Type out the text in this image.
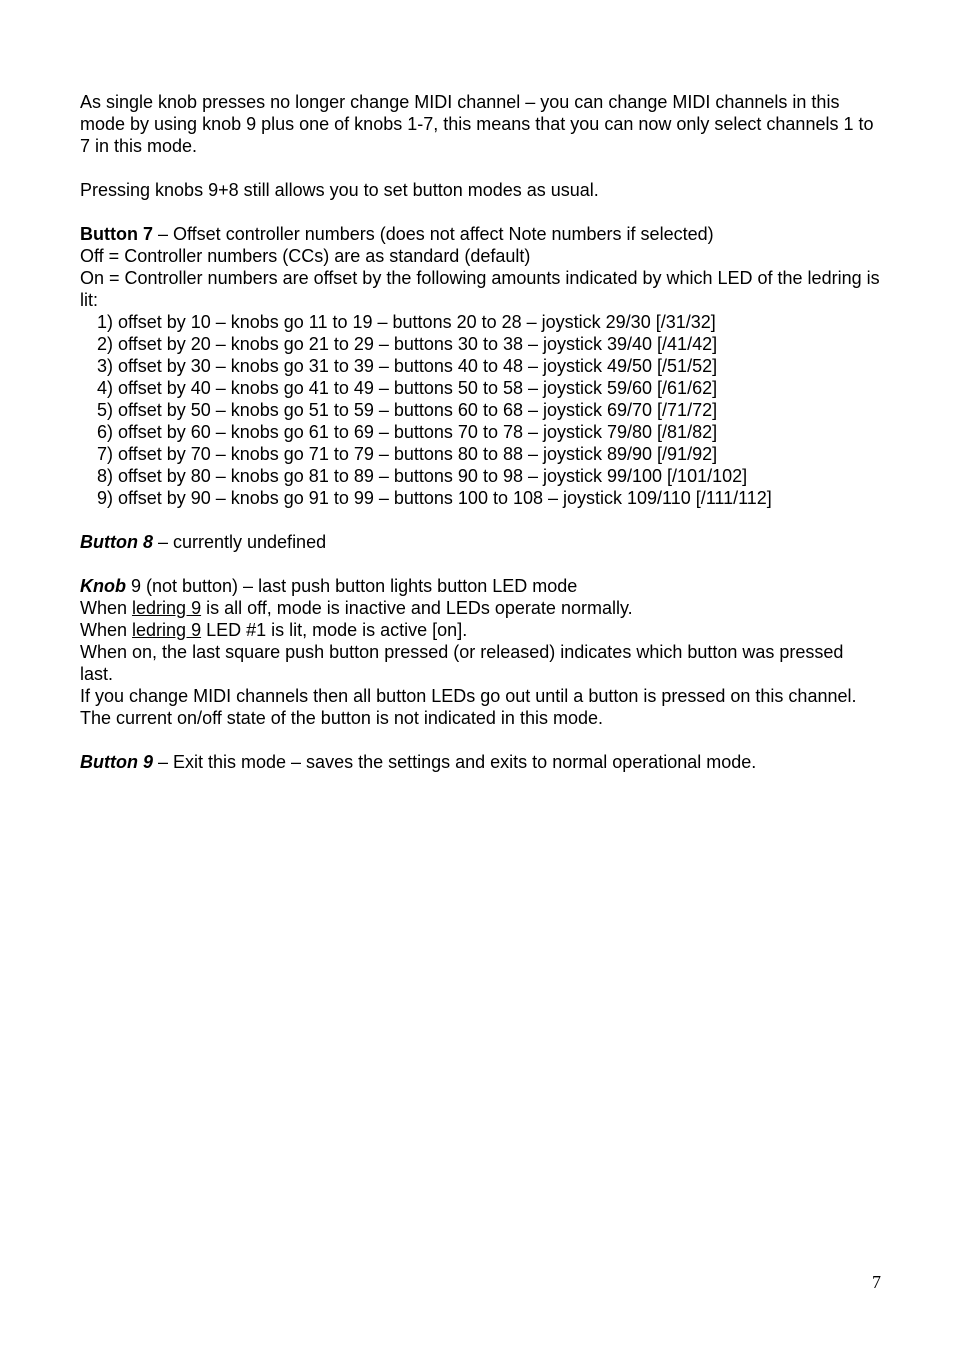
As single knob presses no longer change MIDI channel – you can change MIDI channels in this mode by using knob 9 plus one of knobs 1-7, this means that you can now only select channels 1 to 7 in this mode.

Pressing knobs 9+8 still allows you to set button modes as usual.

Button 7 – Offset controller numbers (does not affect Note numbers if selected)

Off = Controller numbers (CCs) are as standard (default)

On = Controller numbers are offset by the following amounts indicated by which LED of the ledring is lit:

1) offset by 10 – knobs go 11 to 19 – buttons 20 to 28 – joystick 29/30 [/31/32]
2) offset by 20 – knobs go 21 to 29 – buttons 30 to 38 – joystick 39/40 [/41/42]
3) offset by 30 – knobs go 31 to 39 – buttons 40 to 48 – joystick 49/50 [/51/52]
4) offset by 40 – knobs go 41 to 49 – buttons 50 to 58 – joystick 59/60 [/61/62]
5) offset by 50 – knobs go 51 to 59 – buttons 60 to 68 – joystick 69/70 [/71/72]
6) offset by 60 – knobs go 61 to 69 – buttons 70 to 78 – joystick 79/80 [/81/82]
7) offset by 70 – knobs go 71 to 79 – buttons 80 to 88 – joystick 89/90 [/91/92]
8) offset by 80 – knobs go 81 to 89 – buttons 90 to 98 – joystick 99/100 [/101/102]
9) offset by 90 – knobs go 91 to 99 – buttons 100 to 108 – joystick 109/110 [/111/112]

Button 8 – currently undefined

Knob 9 (not button) – last push button lights button LED mode

When ledring 9 is all off, mode is inactive and LEDs operate normally.

When ledring 9 LED #1 is lit, mode is active [on].

When on, the last square push button pressed (or released) indicates which button was pressed last.

If you change MIDI channels then all button LEDs go out until a button is pressed on this channel.

The current on/off state of the button is not indicated in this mode.

Button 9 – Exit this mode – saves the settings and exits to normal operational mode.

7
